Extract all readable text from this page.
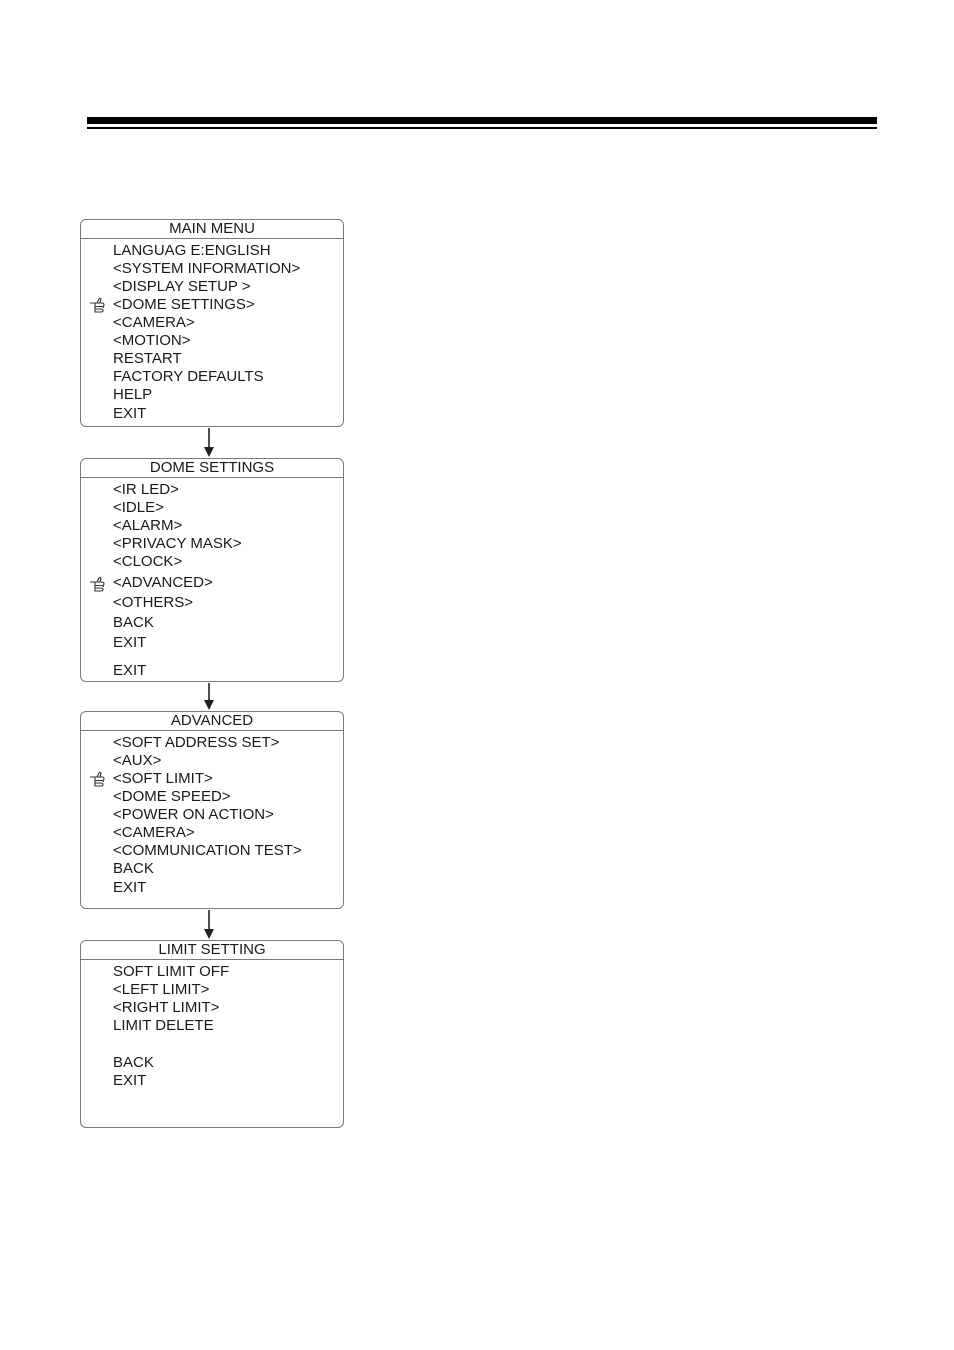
MAIN MENU
LANGUAG E:ENGLISH
<SYSTEM INFORMATION>
<DISPLAY SETUP >
<DOME SETTINGS>
<CAMERA>
<MOTION>
RESTART
FACTORY DEFAULTS
HELP
EXIT
DOME SETTINGS
<IR LED>
<IDLE>
<ALARM>
<PRIVACY MASK>
<CLOCK>
<ADVANCED>
<OTHERS>
BACK
EXIT
EXIT
ADVANCED
<SOFT ADDRESS SET>
<AUX>
<SOFT LIMIT>
<DOME SPEED>
<POWER ON ACTION>
<CAMERA>
<COMMUNICATION TEST>
BACK
EXIT
LIMIT SETTING
SOFT LIMIT OFF
<LEFT LIMIT>
<RIGHT LIMIT>
LIMIT DELETE
BACK
EXIT
